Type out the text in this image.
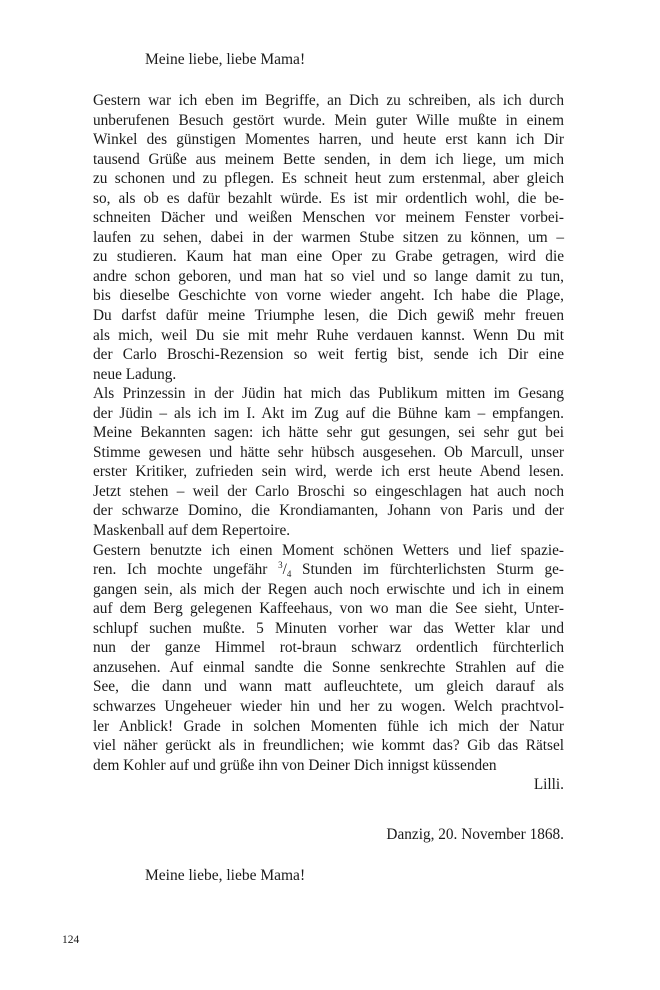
Meine liebe, liebe Mama!
Gestern war ich eben im Begriffe, an Dich zu schreiben, als ich durch
unberufenen Besuch gestört wurde. Mein guter Wille mußte in einem
Winkel des günstigen Momentes harren, und heute erst kann ich Dir
tausend Grüße aus meinem Bette senden, in dem ich liege, um mich
zu schonen und zu pflegen. Es schneit heut zum erstenmal, aber gleich
so, als ob es dafür bezahlt würde. Es ist mir ordentlich wohl, die be-
schneiten Dächer und weißen Menschen vor meinem Fenster vorbei-
laufen zu sehen, dabei in der warmen Stube sitzen zu können, um –
zu studieren. Kaum hat man eine Oper zu Grabe getragen, wird die
andre schon geboren, und man hat so viel und so lange damit zu tun,
bis dieselbe Geschichte von vorne wieder angeht. Ich habe die Plage,
Du darfst dafür meine Triumphe lesen, die Dich gewiß mehr freuen
als mich, weil Du sie mit mehr Ruhe verdauen kannst. Wenn Du mit
der Carlo Broschi-Rezension so weit fertig bist, sende ich Dir eine
neue Ladung.
Als Prinzessin in der Jüdin hat mich das Publikum mitten im Gesang
der Jüdin – als ich im I. Akt im Zug auf die Bühne kam – empfangen.
Meine Bekannten sagen: ich hätte sehr gut gesungen, sei sehr gut bei
Stimme gewesen und hätte sehr hübsch ausgesehen. Ob Marcull, unser
erster Kritiker, zufrieden sein wird, werde ich erst heute Abend lesen.
Jetzt stehen – weil der Carlo Broschi so eingeschlagen hat auch noch
der schwarze Domino, die Krondiamanten, Johann von Paris und der
Maskenball auf dem Repertoire.
Gestern benutzte ich einen Moment schönen Wetters und lief spazie-
ren. Ich mochte ungefähr $^3$/4 Stunden im fürchterlichsten Sturm ge-
gangen sein, als mich der Regen auch noch erwischte und ich in einem
auf dem Berg gelegenen Kaffeehaus, von wo man die See sieht, Unter-
schlupf suchen mußte. 5 Minuten vorher war das Wetter klar und
nun der ganze Himmel rot-braun schwarz ordentlich fürchterlich
anzusehen. Auf einmal sandte die Sonne senkrechte Strahlen auf die
See, die dann und wann matt aufleuchtete, um gleich darauf als
schwarzes Ungeheuer wieder hin und her zu wogen. Welch prachtvol-
ler Anblick! Grade in solchen Momenten fühle ich mich der Natur
viel näher gerückt als in freundlichen; wie kommt das? Gib das Rätsel
dem Kohler auf und grüße ihn von Deiner Dich innigst küssenden
Lilli.
Danzig, 20. November 1868.
Meine liebe, liebe Mama!
124
